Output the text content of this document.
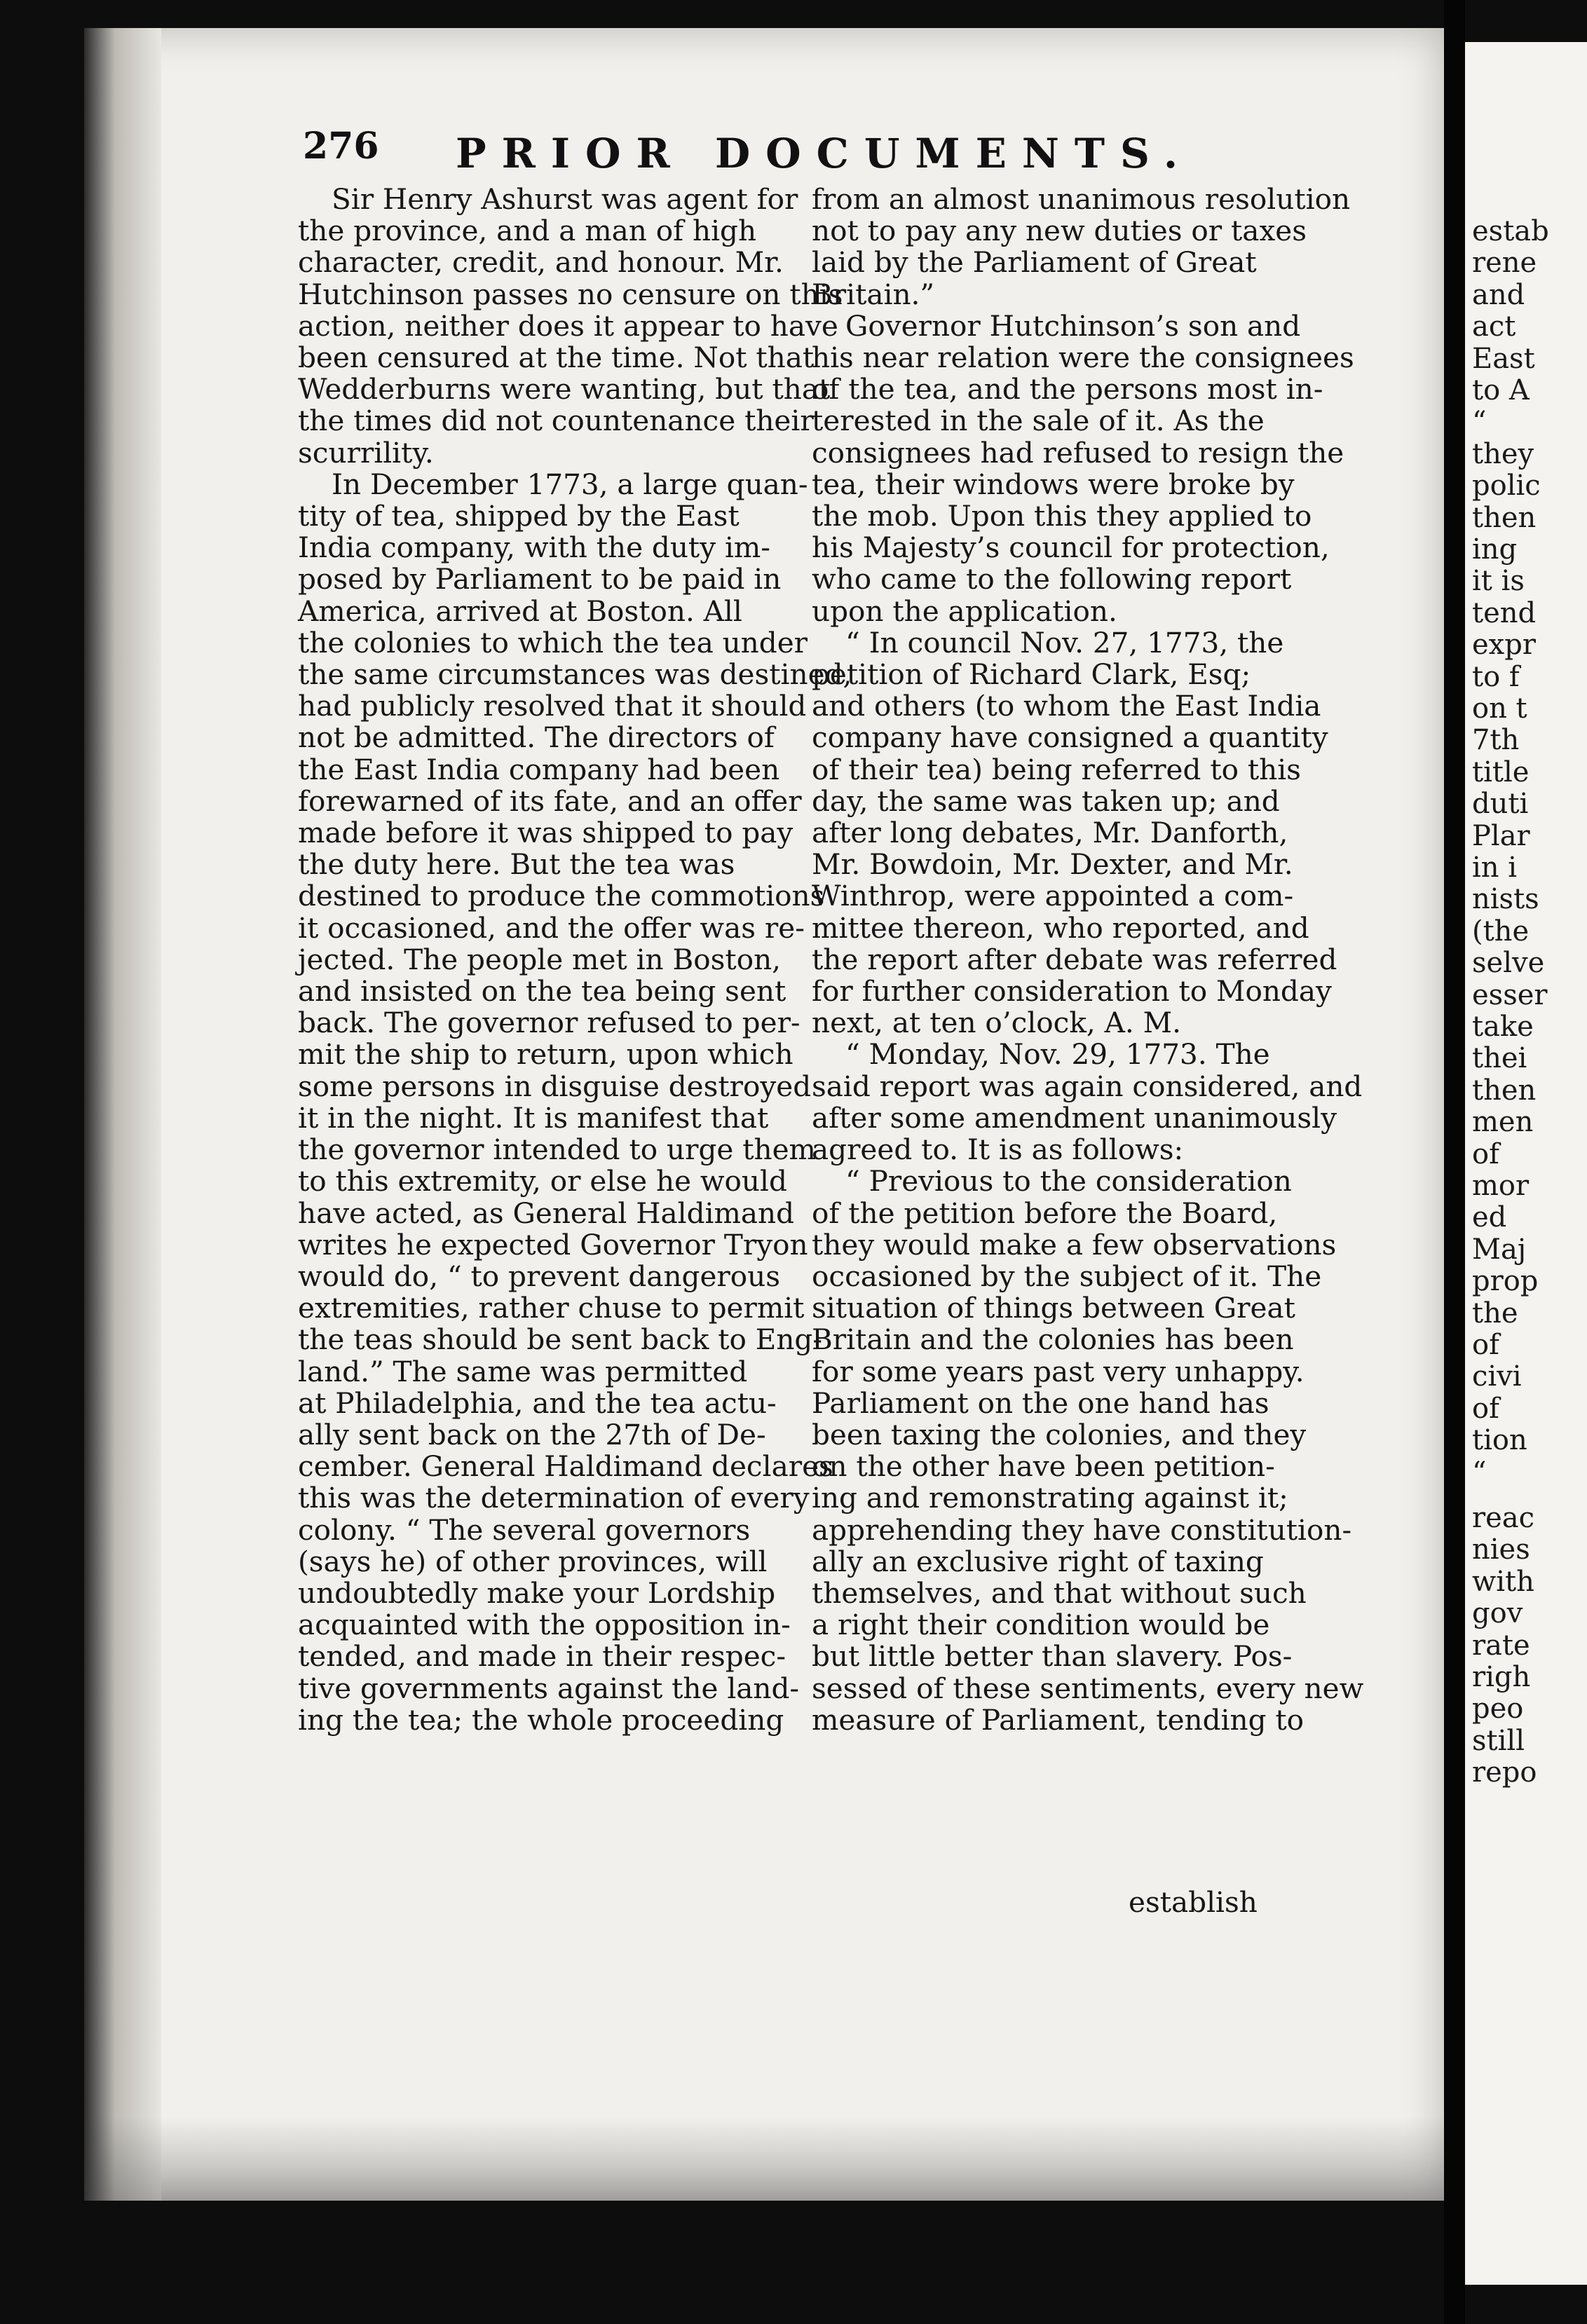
estab
rene
and
act
East
to A
“
they
polic
then
ing
it is
tend
expr
to f
on t
7th
title
duti
Plar
in i
nists
(the
selve
esser
take
thei
then
men
of
mor
ed
Maj
prop
the
of
civi
of
tion
“
reac
nies
with
gov
rate
righ
peo
still
repo
276 PRIOR DOCUMENTS.
Sir Henry Ashurst was agent for
the province, and a man of high
character, credit, and honour. Mr.
Hutchinson passes no censure on this
action, neither does it appear to have
been censured at the time. Not that
Wedderburns were wanting, but that
the times did not countenance their
scurrility.
In December 1773, a large quan-
tity of tea, shipped by the East
India company, with the duty im-
posed by Parliament to be paid in
America, arrived at Boston. All
the colonies to which the tea under
the same circumstances was destined,
had publicly resolved that it should
not be admitted. The directors of
the East India company had been
forewarned of its fate, and an offer
made before it was shipped to pay
the duty here. But the tea was
destined to produce the commotions
it occasioned, and the offer was re-
jected. The people met in Boston,
and insisted on the tea being sent
back. The governor refused to per-
mit the ship to return, upon which
some persons in disguise destroyed
it in the night. It is manifest that
the governor intended to urge them
to this extremity, or else he would
have acted, as General Haldimand
writes he expected Governor Tryon
would do, “ to prevent dangerous
extremities, rather chuse to permit
the teas should be sent back to Eng-
land.” The same was permitted
at Philadelphia, and the tea actu-
ally sent back on the 27th of De-
cember. General Haldimand declares
this was the determination of every
colony. “ The several governors
(says he) of other provinces, will
undoubtedly make your Lordship
acquainted with the opposition in-
tended, and made in their respec-
tive governments against the land-
ing the tea; the whole proceeding
from an almost unanimous resolution
not to pay any new duties or taxes
laid by the Parliament of Great
Britain.”
Governor Hutchinson’s son and
his near relation were the consignees
of the tea, and the persons most in-
terested in the sale of it. As the
consignees had refused to resign the
tea, their windows were broke by
the mob. Upon this they applied to
his Majesty’s council for protection,
who came to the following report
upon the application.
“ In council Nov. 27, 1773, the
petition of Richard Clark, Esq;
and others (to whom the East India
company have consigned a quantity
of their tea) being referred to this
day, the same was taken up; and
after long debates, Mr. Danforth,
Mr. Bowdoin, Mr. Dexter, and Mr.
Winthrop, were appointed a com-
mittee thereon, who reported, and
the report after debate was referred
for further consideration to Monday
next, at ten o’clock, A. M.
“ Monday, Nov. 29, 1773. The
said report was again considered, and
after some amendment unanimously
agreed to. It is as follows:
“ Previous to the consideration
of the petition before the Board,
they would make a few observations
occasioned by the subject of it. The
situation of things between Great
Britain and the colonies has been
for some years past very unhappy.
Parliament on the one hand has
been taxing the colonies, and they
on the other have been petition-
ing and remonstrating against it;
apprehending they have constitution-
ally an exclusive right of taxing
themselves, and that without such
a right their condition would be
but little better than slavery. Pos-
sessed of these sentiments, every new
measure of Parliament, tending to
establish
